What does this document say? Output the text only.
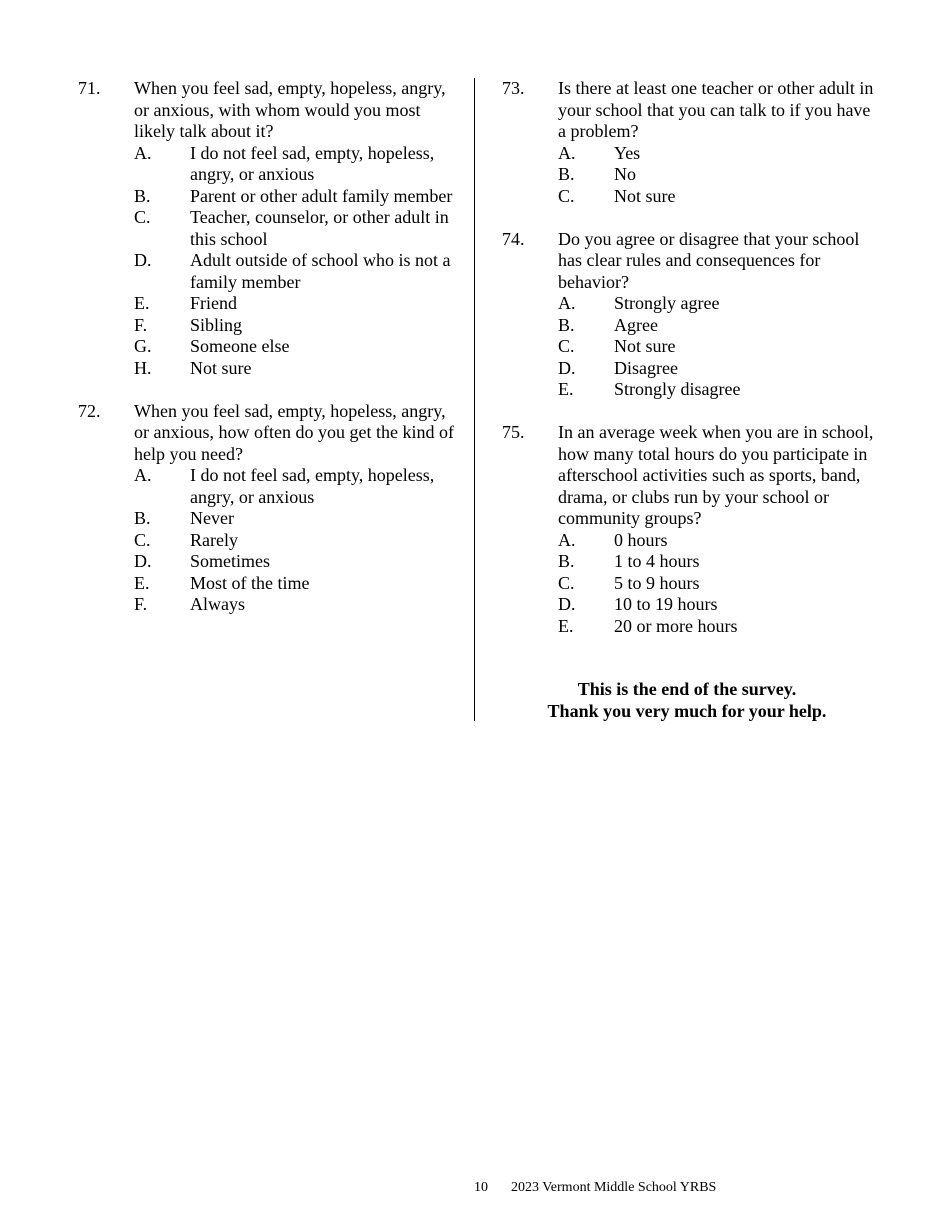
71.	When you feel sad, empty, hopeless, angry, or anxious, with whom would you most likely talk about it?
A.	I do not feel sad, empty, hopeless, angry, or anxious
B.	Parent or other adult family member
C.	Teacher, counselor, or other adult in this school
D.	Adult outside of school who is not a family member
E.	Friend
F.	Sibling
G.	Someone else
H.	Not sure
72.	When you feel sad, empty, hopeless, angry, or anxious, how often do you get the kind of help you need?
A.	I do not feel sad, empty, hopeless, angry, or anxious
B.	Never
C.	Rarely
D.	Sometimes
E.	Most of the time
F.	Always
73.	Is there at least one teacher or other adult in your school that you can talk to if you have a problem?
A.	Yes
B.	No
C.	Not sure
74.	Do you agree or disagree that your school has clear rules and consequences for behavior?
A.	Strongly agree
B.	Agree
C.	Not sure
D.	Disagree
E.	Strongly disagree
75.	In an average week when you are in school, how many total hours do you participate in afterschool activities such as sports, band, drama, or clubs run by your school or community groups?
A.	0 hours
B.	1 to 4 hours
C.	5 to 9 hours
D.	10 to 19 hours
E.	20 or more hours
This is the end of the survey.
Thank you very much for your help.
10 2023 Vermont Middle School YRBS
